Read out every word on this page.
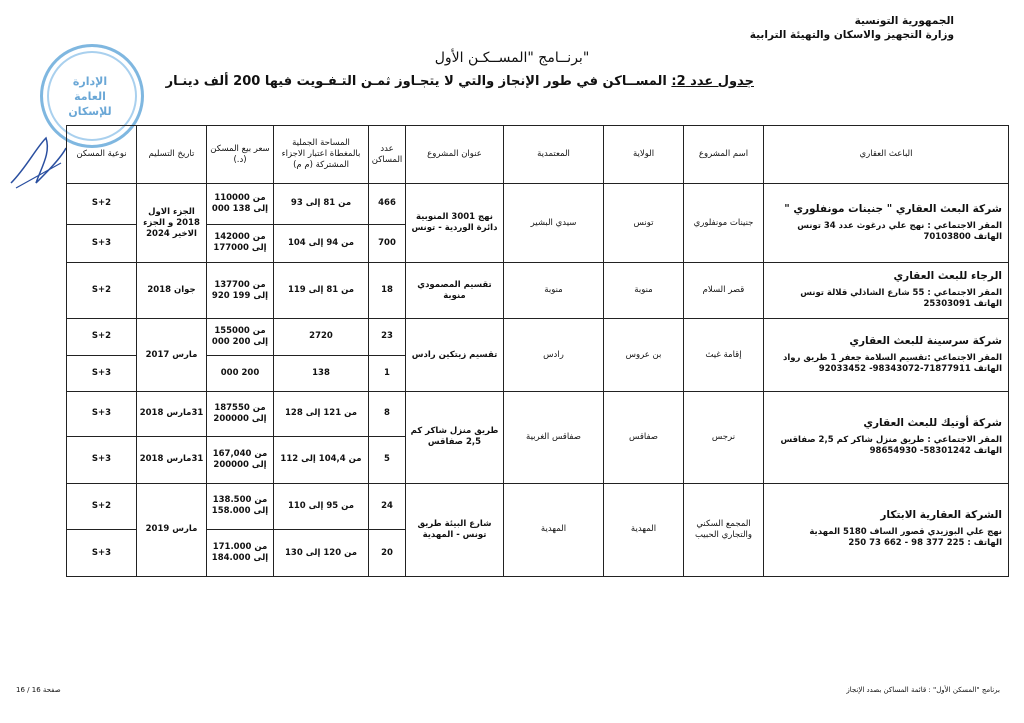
الجمهورية التونسية
وزارة التجهيز والاسكان والتهيئة الترابية
الإدارة العامة للإسكان
برنــامج "المســكـن الأول"
جدول عدد 2: المســاكن في طور الإنجاز والتي لا يتجـاوز ثمـن التـفـويت فيها 200 ألف دينـار
الباعث العقاري	اسم المشروع	الولاية	المعتمدية	عنوان المشروع	عدد المساكن	المساحة الجملية بالمغطاة اعتبار الاجزاء المشتركة (م م)	سعر بيع المسكن (د.)	تاريخ التسليم	نوعية المسكن

شركة البعث العقاري " جنينات مونفلوري "
المقر الاجتماعي : نهج علي درغوث عدد 34 تونس
الهاتف 70103800	جنينات مونفلوري	تونس	سيدي البشير	نهج 3001 المنوبية دائرة الوردية - تونس	466	من 81 إلى 93	من 110000 إلى 138 000	الجزء الاول 2018 و الجزء الاخير 2024	S+2
					700	من 94 إلى 104	من 142000 إلى 177000		S+3

الرجاء للبعث العقاري
المقر الاجتماعي : 55 شارع الشاذلي قلالة تونس
الهاتف 25303091	قصر السلام	منوبة	منوبة	تقسيم المصمودي منوبة	18	من 81 إلى 119	من 137700 إلى 199 920	جوان 2018	S+2

شركة سرسينة للبعث العقاري
المقر الاجتماعي :تقسيم السلامة جعفر 1 طريق رواد
الهاتف 71877911-98343072- 92033452	إقامة غيث	بن عروس	رادس	تقسيم زيتكين رادس	23	2720	من 155000 إلى 200 000	مارس 2017	S+2
					1	138	200 000		S+3

شركة أوتيك للبعث العقاري
المقر الاجتماعي : طريق منزل شاكر كم 2,5 صفاقس
الهاتف 58301242- 98654930	نرجس	صفاقس	صفاقس الغربية	طريق منزل شاكر كم 2,5 صفاقس	8	من 121 إلى 128	من 187550 إلى 200000	31مارس 2018	S+3
					5	من 104,4 إلى 112	من 167,040 إلى 200000	31مارس 2018	S+3

الشركة العقارية الابتكار
نهج علي البوزيدي قصور الساف 5180 المهدية
الهاتف : 225 377 98 - 662 73 250	المجمع السكني والتجاري الحبيب	المهدية	المهدية	شارع البيئة طريق تونس - المهدية	24	من 95 إلى 110	من 138.500 إلى 158.000	مارس 2019	S+2
					20	من 120 إلى 130	من 171.000 إلى 184.000		S+3
صفحة 16 / 16	برنامج "المسكن الأول" : قائمة المساكن بصدد الإنجاز
